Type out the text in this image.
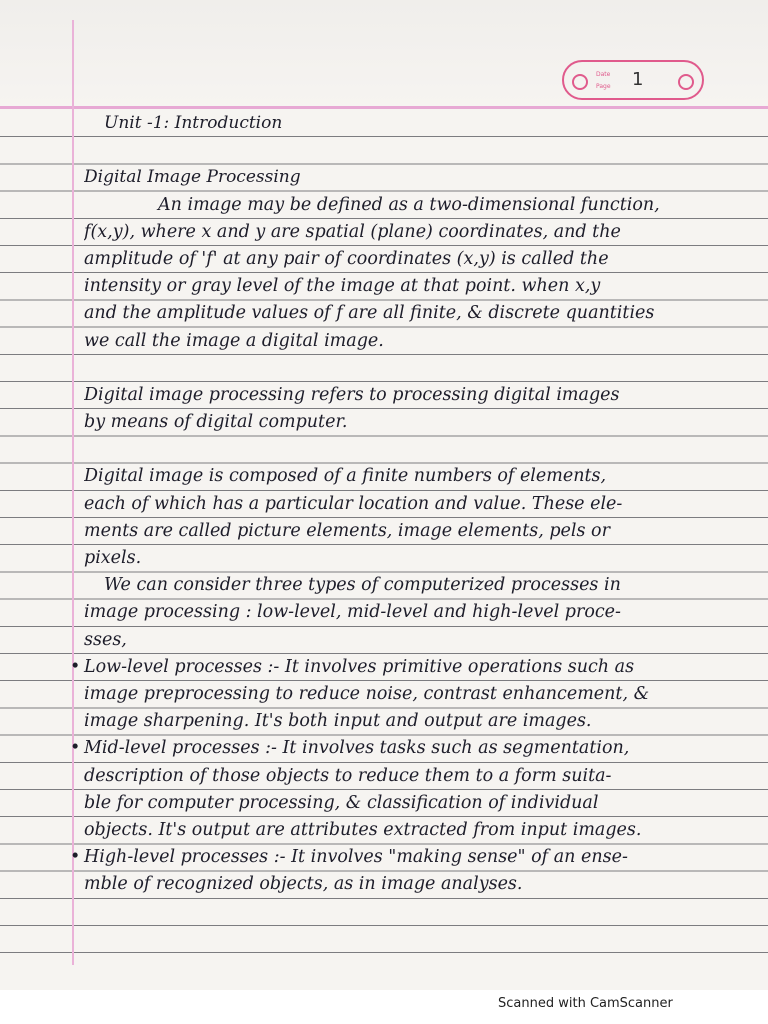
Date
Page 1
Unit -1: Introduction
Digital Image Processing
An image may be defined as a two-dimensional function,
f(x,y), where x and y are spatial (plane) coordinates, and the
amplitude of 'f' at any pair of coordinates (x,y) is called the
intensity or gray level of the image at that point. when x,y
and the amplitude values of f are all finite, & discrete quantities
we call the image a digital image.
Digital image processing refers to processing digital images
by means of digital computer.
Digital image is composed of a finite numbers of elements,
each of which has a particular location and value. These ele-
ments are called picture elements, image elements, pels or
pixels.
We can consider three types of computerized processes in
image processing : low-level, mid-level and high-level proce-
sses,
• Low-level processes :- It involves primitive operations such as
image preprocessing to reduce noise, contrast enhancement, &
image sharpening. It's both input and output are images.
• Mid-level processes :- It involves tasks such as segmentation,
description of those objects to reduce them to a form suita-
ble for computer processing, & classification of individual
objects. It's output are attributes extracted from input images.
• High-level processes :- It involves "making sense" of an ense-
mble of recognized objects, as in image analyses.
Scanned with CamScanner
